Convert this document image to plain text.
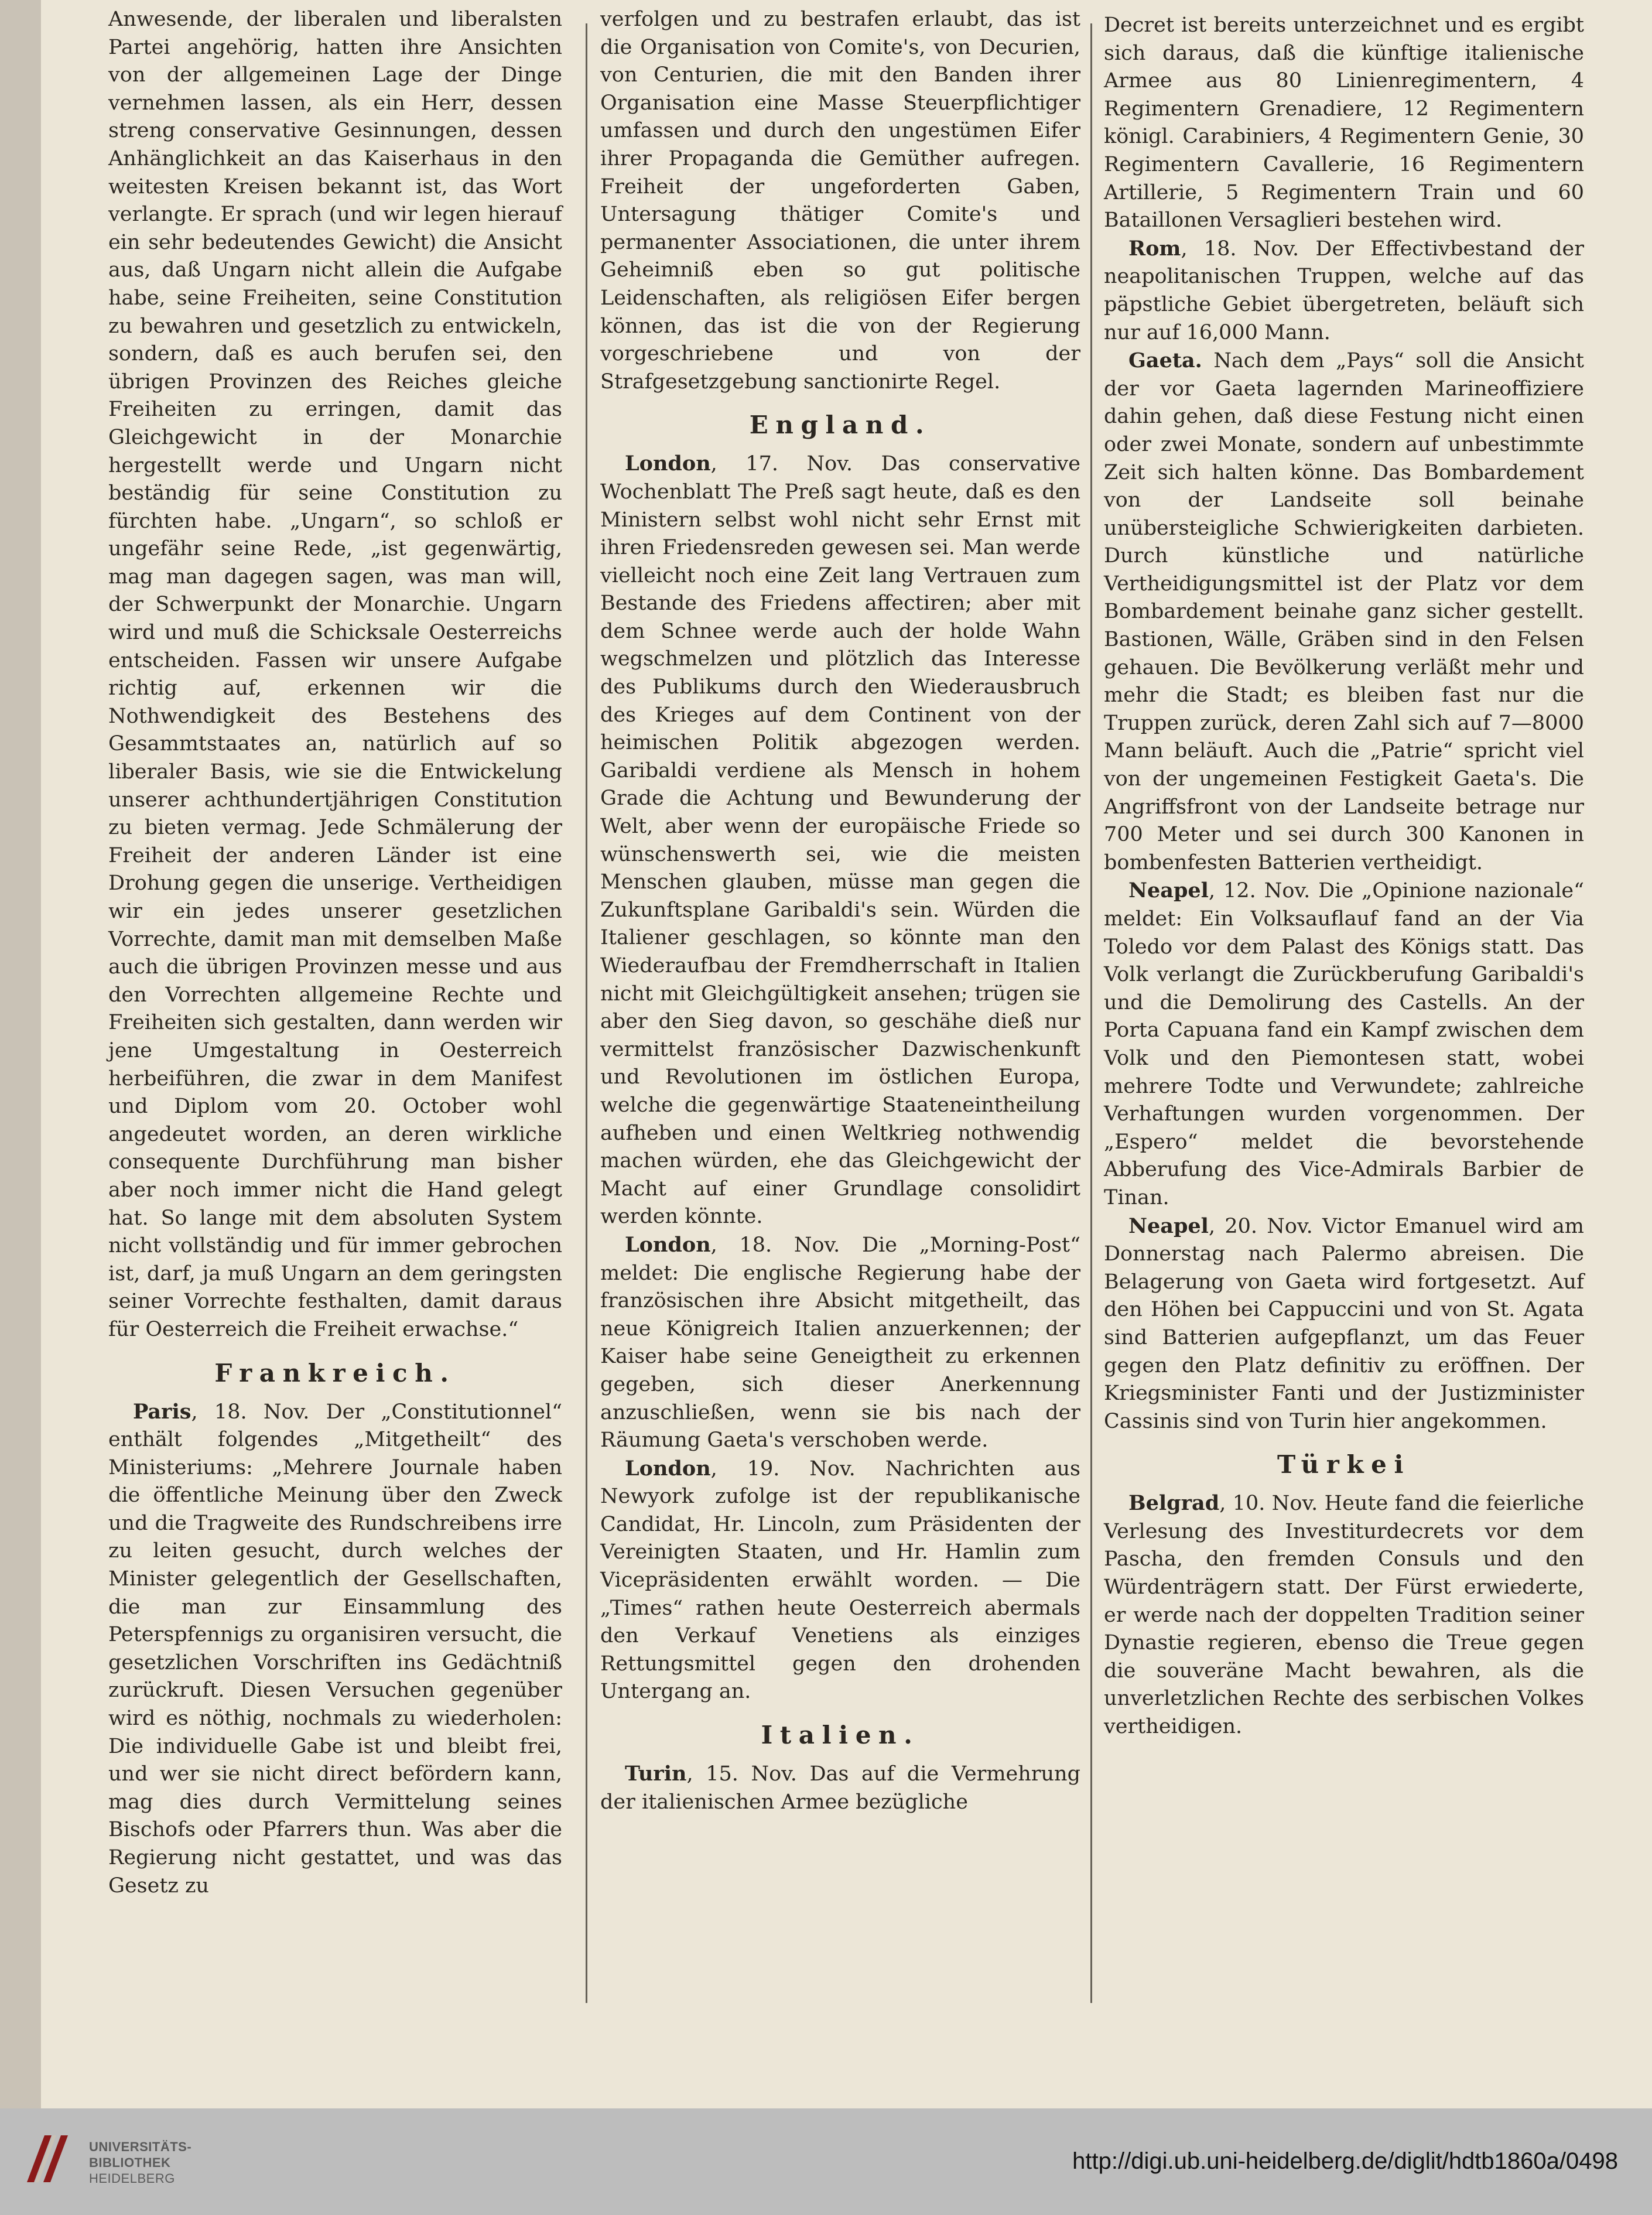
Anwesende, der liberalen und liberalsten Partei angehörig, hatten ihre Ansichten von der allgemeinen Lage der Dinge vernehmen lassen, als ein Herr, dessen streng conservative Gesinnungen, dessen Anhänglichkeit an das Kaiserhaus in den weitesten Kreisen bekannt ist, das Wort verlangte. Er sprach (und wir legen hierauf ein sehr bedeutendes Gewicht) die Ansicht aus, daß Ungarn nicht allein die Aufgabe habe, seine Freiheiten, seine Constitution zu bewahren und gesetzlich zu entwickeln, sondern, daß es auch berufen sei, den übrigen Provinzen des Reiches gleiche Freiheiten zu erringen, damit das Gleichgewicht in der Monarchie hergestellt werde und Ungarn nicht beständig für seine Constitution zu fürchten habe. „Ungarn“, so schloß er ungefähr seine Rede, „ist gegenwärtig, mag man dagegen sagen, was man will, der Schwerpunkt der Monarchie. Ungarn wird und muß die Schicksale Oesterreichs entscheiden. Fassen wir unsere Aufgabe richtig auf, erkennen wir die Nothwendigkeit des Bestehens des Gesammtstaates an, natürlich auf so liberaler Basis, wie sie die Entwickelung unserer achthundertjährigen Constitution zu bieten vermag. Jede Schmälerung der Freiheit der anderen Länder ist eine Drohung gegen die unserige. Vertheidigen wir ein jedes unserer gesetzlichen Vorrechte, damit man mit demselben Maße auch die übrigen Provinzen messe und aus den Vorrechten allgemeine Rechte und Freiheiten sich gestalten, dann werden wir jene Umgestaltung in Oesterreich herbeiführen, die zwar in dem Manifest und Diplom vom 20. October wohl angedeutet worden, an deren wirkliche consequente Durchführung man bisher aber noch immer nicht die Hand gelegt hat. So lange mit dem absoluten System nicht vollständig und für immer gebrochen ist, darf, ja muß Ungarn an dem geringsten seiner Vorrechte festhalten, damit daraus für Oesterreich die Freiheit erwachse.“

Frankreich.

Paris, 18. Nov. Der „Constitutionnel“ enthält folgendes „Mitgetheilt“ des Ministeriums: „Mehrere Journale haben die öffentliche Meinung über den Zweck und die Tragweite des Rundschreibens irre zu leiten gesucht, durch welches der Minister gelegentlich der Gesellschaften, die man zur Einsammlung des Peterspfennigs zu organisiren versucht, die gesetzlichen Vorschriften ins Gedächtniß zurückruft. Diesen Versuchen gegenüber wird es nöthig, nochmals zu wiederholen: Die individuelle Gabe ist und bleibt frei, und wer sie nicht direct befördern kann, mag dies durch Vermittelung seines Bischofs oder Pfarrers thun. Was aber die Regierung nicht gestattet, und was das Gesetz zu

verfolgen und zu bestrafen erlaubt, das ist die Organisation von Comite's, von Decurien, von Centurien, die mit den Banden ihrer Organisation eine Masse Steuerpflichtiger umfassen und durch den ungestümen Eifer ihrer Propaganda die Gemüther aufregen. Freiheit der ungeforderten Gaben, Untersagung thätiger Comite's und permanenter Associationen, die unter ihrem Geheimniß eben so gut politische Leidenschaften, als religiösen Eifer bergen können, das ist die von der Regierung vorgeschriebene und von der Strafgesetzgebung sanctionirte Regel.

England.

London, 17. Nov. Das conservative Wochenblatt The Preß sagt heute, daß es den Ministern selbst wohl nicht sehr Ernst mit ihren Friedensreden gewesen sei. Man werde vielleicht noch eine Zeit lang Vertrauen zum Bestande des Friedens affectiren; aber mit dem Schnee werde auch der holde Wahn wegschmelzen und plötzlich das Interesse des Publikums durch den Wiederausbruch des Krieges auf dem Continent von der heimischen Politik abgezogen werden. Garibaldi verdiene als Mensch in hohem Grade die Achtung und Bewunderung der Welt, aber wenn der europäische Friede so wünschenswerth sei, wie die meisten Menschen glauben, müsse man gegen die Zukunftsplane Garibaldi's sein. Würden die Italiener geschlagen, so könnte man den Wiederaufbau der Fremdherrschaft in Italien nicht mit Gleichgültigkeit ansehen; trügen sie aber den Sieg davon, so geschähe dieß nur vermittelst französischer Dazwischenkunft und Revolutionen im östlichen Europa, welche die gegenwärtige Staateneintheilung aufheben und einen Weltkrieg nothwendig machen würden, ehe das Gleichgewicht der Macht auf einer Grundlage consolidirt werden könnte.

London, 18. Nov. Die „Morning-Post“ meldet: Die englische Regierung habe der französischen ihre Absicht mitgetheilt, das neue Königreich Italien anzuerkennen; der Kaiser habe seine Geneigtheit zu erkennen gegeben, sich dieser Anerkennung anzuschließen, wenn sie bis nach der Räumung Gaeta's verschoben werde.

London, 19. Nov. Nachrichten aus Newyork zufolge ist der republikanische Candidat, Hr. Lincoln, zum Präsidenten der Vereinigten Staaten, und Hr. Hamlin zum Vicepräsidenten erwählt worden. — Die „Times“ rathen heute Oesterreich abermals den Verkauf Venetiens als einziges Rettungsmittel gegen den drohenden Untergang an.

Italien.

Turin, 15. Nov. Das auf die Vermehrung der italienischen Armee bezügliche

Decret ist bereits unterzeichnet und es ergibt sich daraus, daß die künftige italienische Armee aus 80 Linienregimentern, 4 Regimentern Grenadiere, 12 Regimentern königl. Carabiniers, 4 Regimentern Genie, 30 Regimentern Cavallerie, 16 Regimentern Artillerie, 5 Regimentern Train und 60 Bataillonen Versaglieri bestehen wird.

Rom, 18. Nov. Der Effectivbestand der neapolitanischen Truppen, welche auf das päpstliche Gebiet übergetreten, beläuft sich nur auf 16,000 Mann.

Gaeta. Nach dem „Pays“ soll die Ansicht der vor Gaeta lagernden Marineoffiziere dahin gehen, daß diese Festung nicht einen oder zwei Monate, sondern auf unbestimmte Zeit sich halten könne. Das Bombardement von der Landseite soll beinahe unübersteigliche Schwierigkeiten darbieten. Durch künstliche und natürliche Vertheidigungsmittel ist der Platz vor dem Bombardement beinahe ganz sicher gestellt. Bastionen, Wälle, Gräben sind in den Felsen gehauen. Die Bevölkerung verläßt mehr und mehr die Stadt; es bleiben fast nur die Truppen zurück, deren Zahl sich auf 7—8000 Mann beläuft. Auch die „Patrie“ spricht viel von der ungemeinen Festigkeit Gaeta's. Die Angriffsfront von der Landseite betrage nur 700 Meter und sei durch 300 Kanonen in bombenfesten Batterien vertheidigt.

Neapel, 12. Nov. Die „Opinione nazionale“ meldet: Ein Volksauflauf fand an der Via Toledo vor dem Palast des Königs statt. Das Volk verlangt die Zurückberufung Garibaldi's und die Demolirung des Castells. An der Porta Capuana fand ein Kampf zwischen dem Volk und den Piemontesen statt, wobei mehrere Todte und Verwundete; zahlreiche Verhaftungen wurden vorgenommen. Der „Espero“ meldet die bevorstehende Abberufung des Vice-Admirals Barbier de Tinan.

Neapel, 20. Nov. Victor Emanuel wird am Donnerstag nach Palermo abreisen. Die Belagerung von Gaeta wird fortgesetzt. Auf den Höhen bei Cappuccini und von St. Agata sind Batterien aufgepflanzt, um das Feuer gegen den Platz definitiv zu eröffnen. Der Kriegsminister Fanti und der Justizminister Cassinis sind von Turin hier angekommen.

Türkei

Belgrad, 10. Nov. Heute fand die feierliche Verlesung des Investiturdecrets vor dem Pascha, den fremden Consuls und den Würdenträgern statt. Der Fürst erwiederte, er werde nach der doppelten Tradition seiner Dynastie regieren, ebenso die Treue gegen die souveräne Macht bewahren, als die unverletzlichen Rechte des serbischen Volkes vertheidigen.

UNIVERSITÄTS-
BIBLIOTHEK
HEIDELBERG
http://digi.ub.uni-heidelberg.de/diglit/hdtb1860a/0498
